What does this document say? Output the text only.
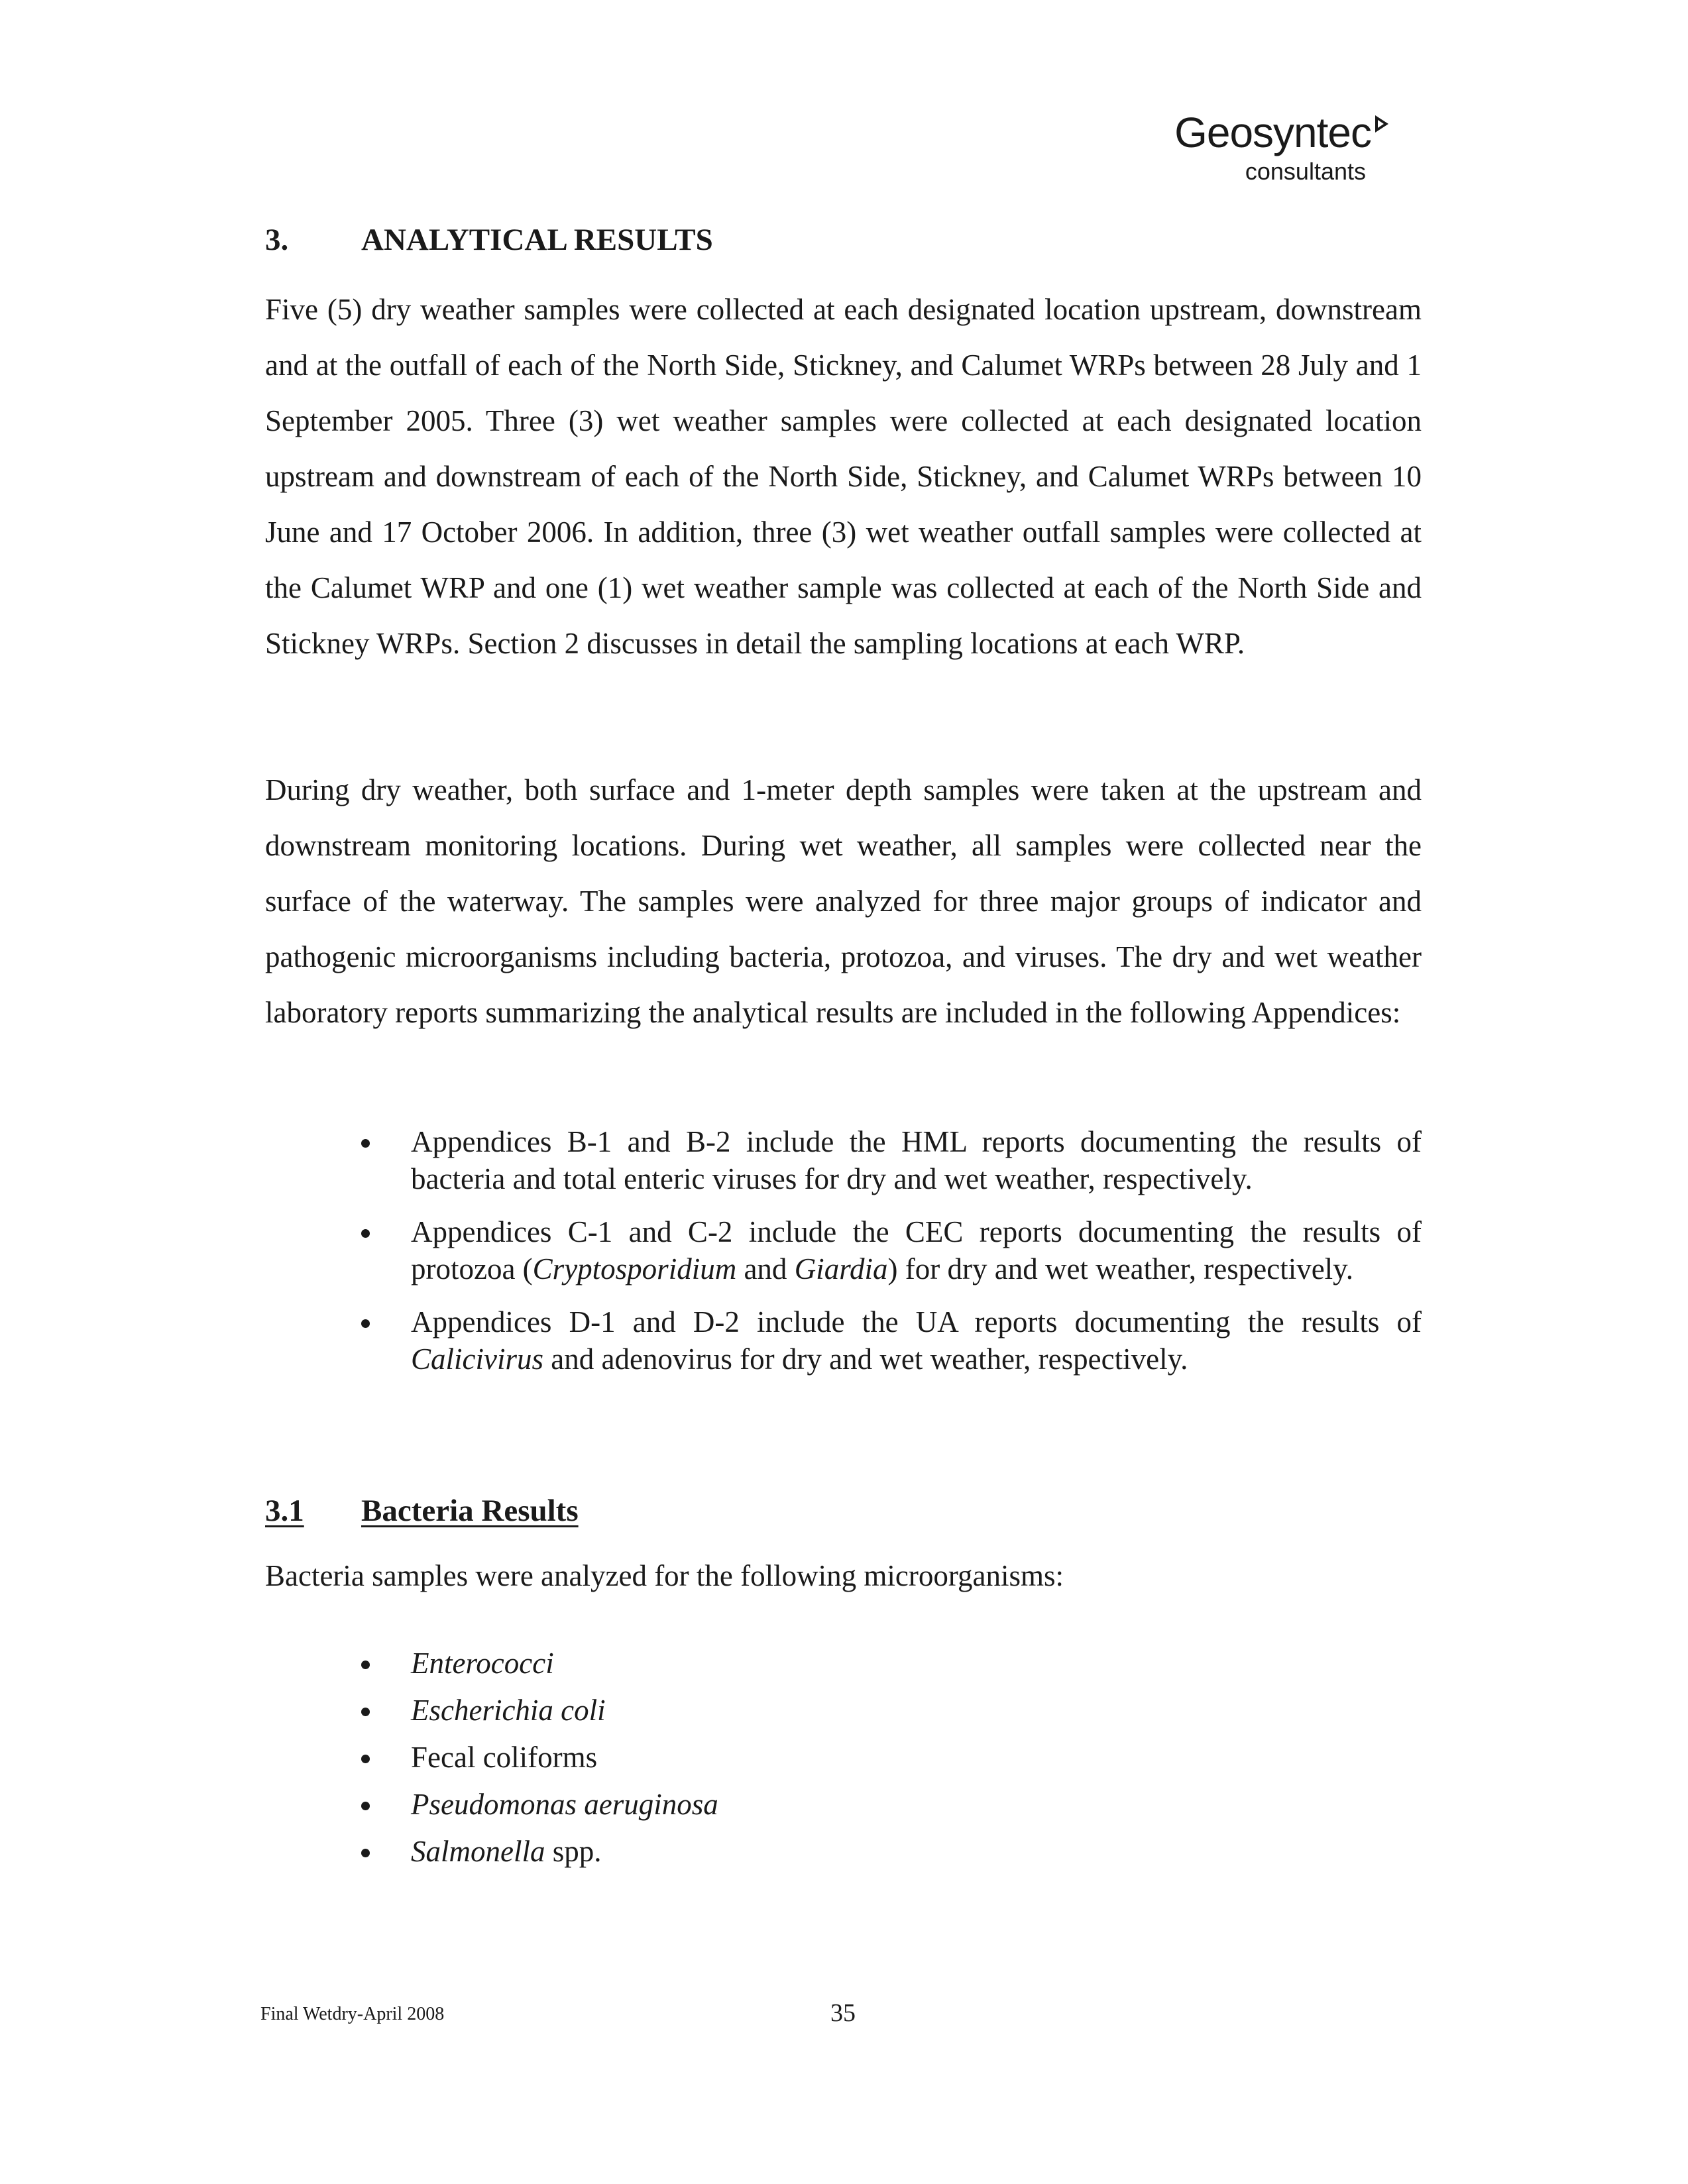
Geosyntec
consultants
3. ANALYTICAL RESULTS

Five (5) dry weather samples were collected at each designated location upstream, downstream and at the outfall of each of the North Side, Stickney, and Calumet WRPs between 28 July and 1 September 2005. Three (3) wet weather samples were collected at each designated location upstream and downstream of each of the North Side, Stickney, and Calumet WRPs between 10 June and 17 October 2006. In addition, three (3) wet weather outfall samples were collected at the Calumet WRP and one (1) wet weather sample was collected at each of the North Side and Stickney WRPs. Section 2 discusses in detail the sampling locations at each WRP.

During dry weather, both surface and 1-meter depth samples were taken at the upstream and downstream monitoring locations. During wet weather, all samples were collected near the surface of the waterway. The samples were analyzed for three major groups of indicator and pathogenic microorganisms including bacteria, protozoa, and viruses. The dry and wet weather laboratory reports summarizing the analytical results are included in the following Appendices:

Appendices B-1 and B-2 include the HML reports documenting the results of bacteria and total enteric viruses for dry and wet weather, respectively.
Appendices C-1 and C-2 include the CEC reports documenting the results of protozoa (Cryptosporidium and Giardia) for dry and wet weather, respectively.
Appendices D-1 and D-2 include the UA reports documenting the results of Calicivirus and adenovirus for dry and wet weather, respectively.
3.1 Bacteria Results

Bacteria samples were analyzed for the following microorganisms:

Enterococci
Escherichia coli
Fecal coliforms
Pseudomonas aeruginosa
Salmonella spp.
Final Wetdry-April 2008	35
